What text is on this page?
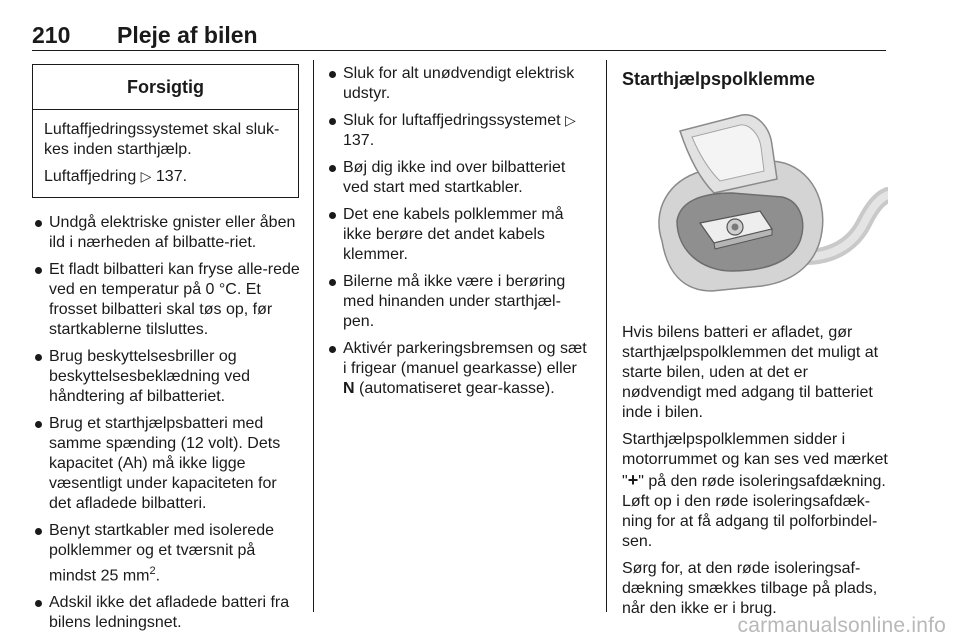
210 Pleje af bilen
Forsigtig

Luftaffjedringssystemet skal sluk-kes inden starthjælp.

Luftaffjedring ▷ 137.

Undgå elektriske gnister eller åben ild i nærheden af bilbatte-riet.
Et fladt bilbatteri kan fryse alle-rede ved en temperatur på 0 °C. Et frosset bilbatteri skal tøs op, før startkablerne tilsluttes.
Brug beskyttelsesbriller og beskyttelsesbeklædning ved håndtering af bilbatteriet.
Brug et starthjælpsbatteri med samme spænding (12 volt). Dets kapacitet (Ah) må ikke ligge væsentligt under kapaciteten for det afladede bilbatteri.
Benyt startkabler med isolerede polklemmer og et tværsnit på mindst 25 $mm^2$.
Adskil ikke det afladede batteri fra bilens ledningsnet.
Sluk for alt unødvendigt elektrisk udstyr.
Sluk for luftaffjedringssystemet ▷ 137.
Bøj dig ikke ind over bilbatteriet ved start med startkabler.
Det ene kabels polklemmer må ikke berøre det andet kabels klemmer.
Bilerne må ikke være i berøring med hinanden under starthjæl-pen.
Aktivér parkeringsbremsen og sæt i frigear (manuel gearkasse) eller N (automatiseret gear-kasse).
Starthjælpspolklemme

Hvis bilens batteri er afladet, gør starthjælpspolklemmen det muligt at starte bilen, uden at det er nødvendigt med adgang til batteriet inde i bilen.

Starthjælpspolklemmen sidder i motorrummet og kan ses ved mærket "+" på den røde isoleringsafdækning. Løft op i den røde isoleringsafdæk-ning for at få adgang til polforbindel-sen.

Sørg for, at den røde isoleringsaf-dækning smækkes tilbage på plads, når den ikke er i brug.

carmanualsonline.info
